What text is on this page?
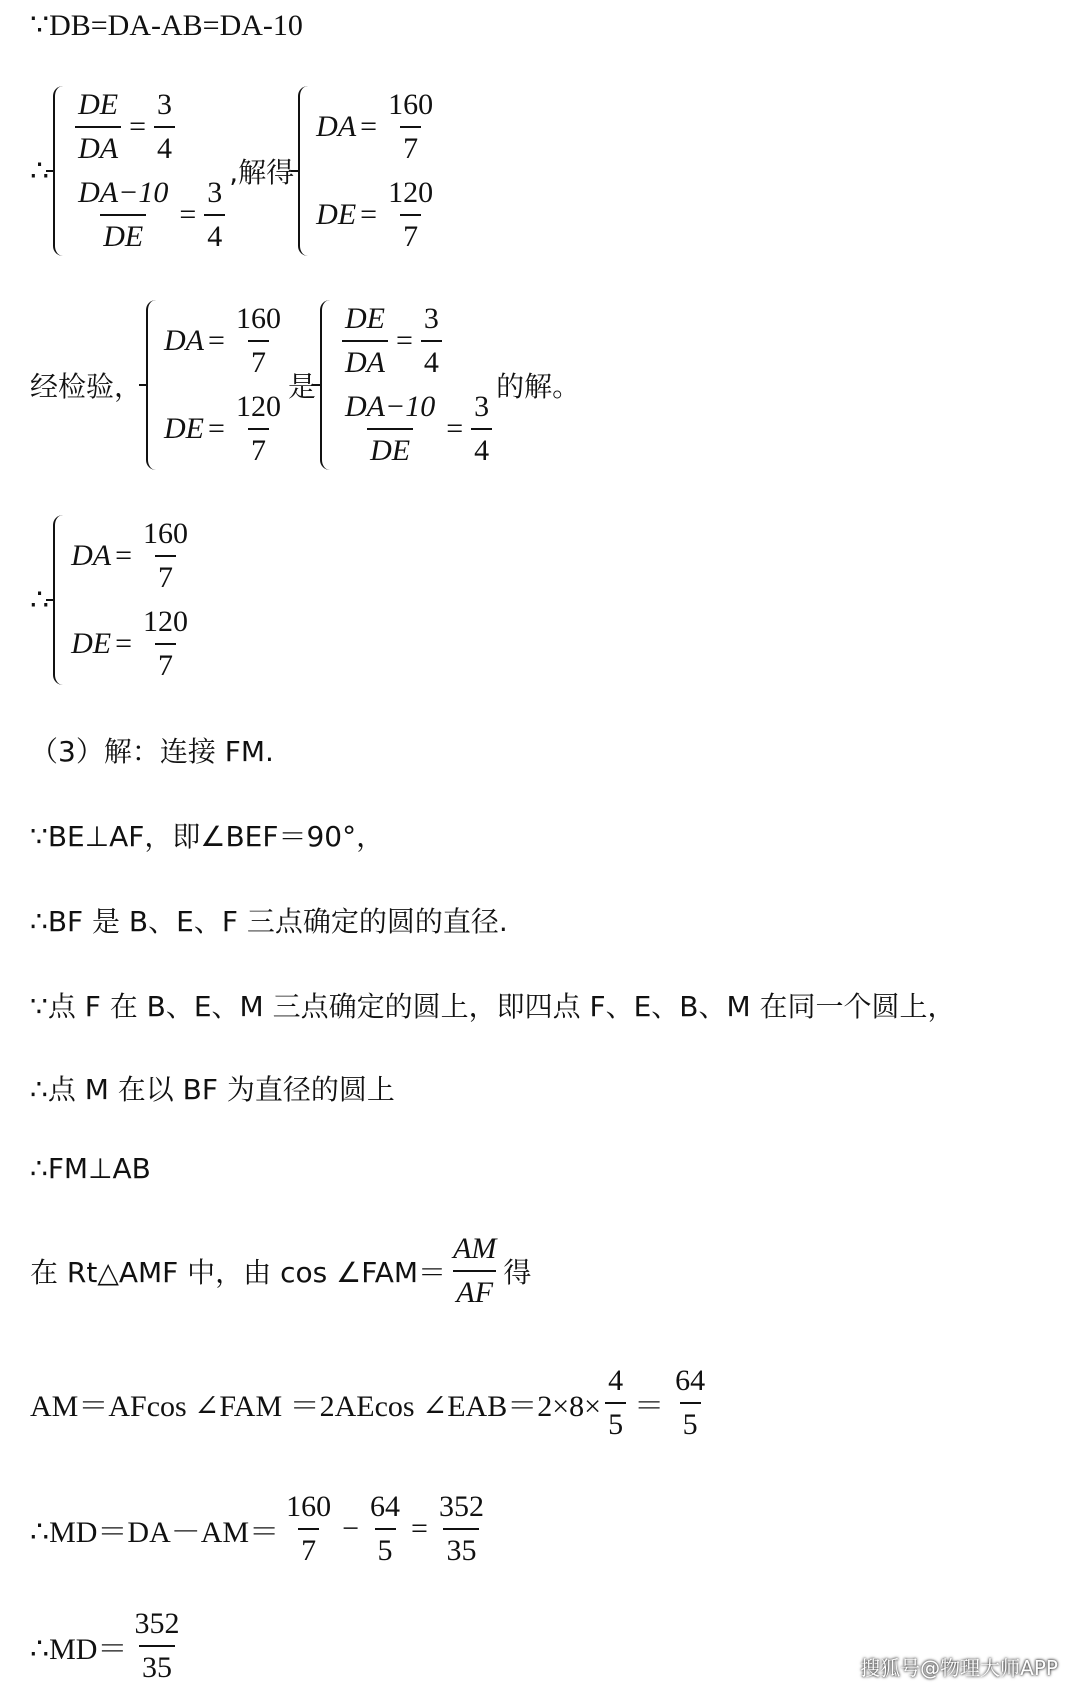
∵DB=DA-AB=DA-10
∴
$\frac{DE}{DA} = \frac{3}{4}$
$\frac{DA-10}{DE} = \frac{3}{4}$
,解得
DA = $\frac{160}{7}$
DE = $\frac{120}{7}$
经检验，
DA = $\frac{160}{7}$
DE = $\frac{120}{7}$
是
$\frac{DE}{DA} = \frac{3}{4}$
$\frac{DA-10}{DE} = \frac{3}{4}$
的解。
∴
DA = $\frac{160}{7}$
DE = $\frac{120}{7}$
（3）解：连接 FM.
∵BE⊥AF，即∠BEF＝90°，
∴BF 是 B、E、F 三点确定的圆的直径.
∵点 F 在 B、E、M 三点确定的圆上，即四点 F、E、B、M 在同一个圆上，
∴点 M 在以 BF 为直径的圆上
∴FM⊥AB
在 Rt△AMF 中，由 cos ∠FAM＝ $\frac{AM}{AF}$ 得
AM＝AFcos ∠FAM ＝2AEcos ∠EAB＝2×8× $\frac{4}{5} = \frac{64}{5}$
∴MD＝DA－AM＝ $\frac{160}{7} - \frac{64}{5} = \frac{352}{35}$
∴MD＝ $\frac{352}{35}$	搜狐号@物理大师APP
